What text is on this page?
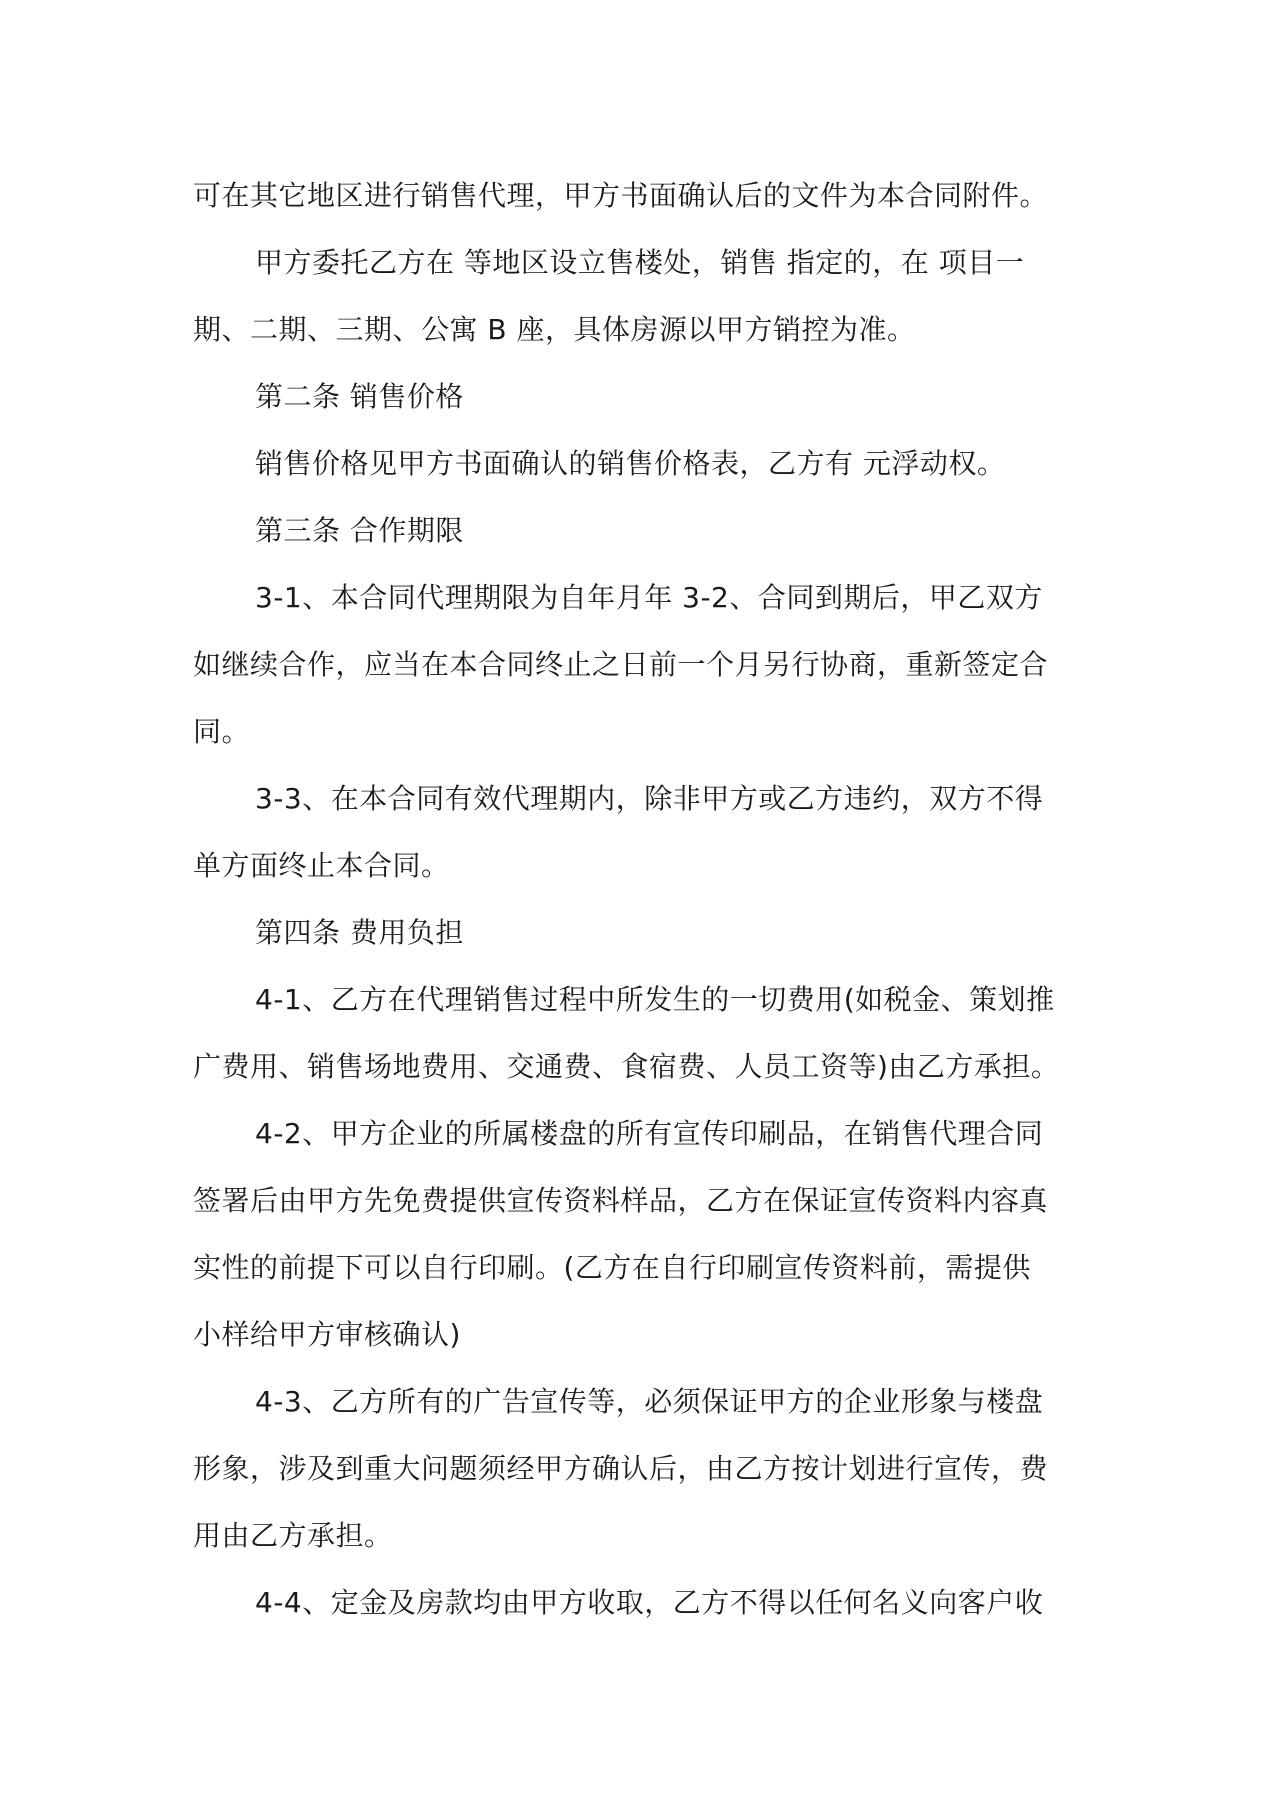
可在其它地区进行销售代理，甲方书面确认后的文件为本合同附件。
甲方委托乙方在 等地区设立售楼处，销售 指定的，在 项目一
期、二期、三期、公寓 B 座，具体房源以甲方销控为准。
第二条 销售价格
销售价格见甲方书面确认的销售价格表，乙方有 元浮动权。
第三条 合作期限
3-1、本合同代理期限为自年月年 3-2、合同到期后，甲乙双方
如继续合作，应当在本合同终止之日前一个月另行协商，重新签定合
同。
3-3、在本合同有效代理期内，除非甲方或乙方违约，双方不得
单方面终止本合同。
第四条 费用负担
4-1、乙方在代理销售过程中所发生的一切费用(如税金、策划推
广费用、销售场地费用、交通费、食宿费、人员工资等)由乙方承担。
4-2、甲方企业的所属楼盘的所有宣传印刷品，在销售代理合同
签署后由甲方先免费提供宣传资料样品，乙方在保证宣传资料内容真
实性的前提下可以自行印刷。(乙方在自行印刷宣传资料前，需提供
小样给甲方审核确认)
4-3、乙方所有的广告宣传等，必须保证甲方的企业形象与楼盘
形象，涉及到重大问题须经甲方确认后，由乙方按计划进行宣传，费
用由乙方承担。
4-4、定金及房款均由甲方收取，乙方不得以任何名义向客户收
